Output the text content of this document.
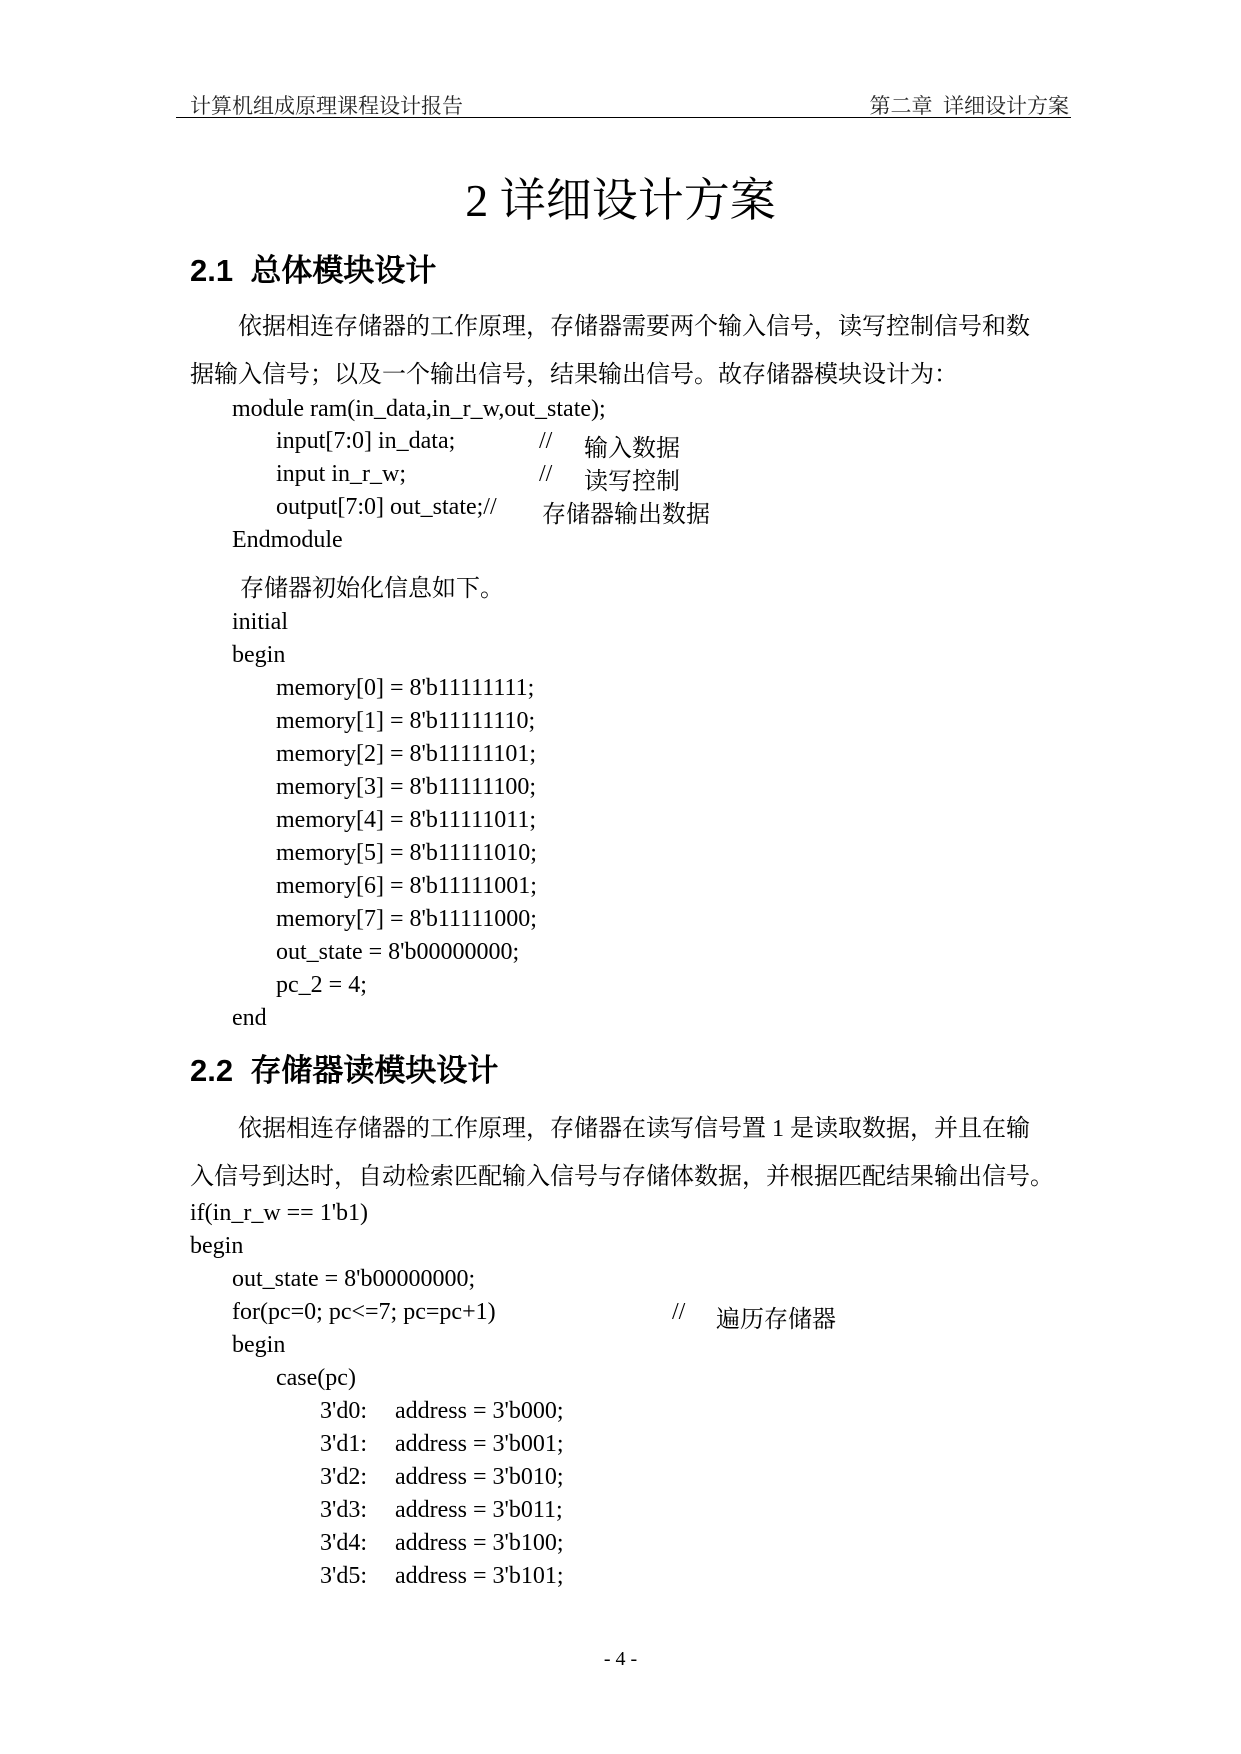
计算机组成原理课程设计报告	第二章  详细设计方案
2 详细设计方案
2.1  总体模块设计
依据相连存储器的工作原理，存储器需要两个输入信号，读写控制信号和数
据输入信号；以及一个输出信号，结果输出信号。故存储器模块设计为：
module ram(in_data,in_r_w,out_state);
input[7:0] in_data;	// 输入数据
input in_r_w;	// 读写控制
output[7:0] out_state;// 存储器输出数据
Endmodule
存储器初始化信息如下。
initial
begin
memory[0] = 8'b11111111;
memory[1] = 8'b11111110;
memory[2] = 8'b11111101;
memory[3] = 8'b11111100;
memory[4] = 8'b11111011;
memory[5] = 8'b11111010;
memory[6] = 8'b11111001;
memory[7] = 8'b11111000;
out_state = 8'b00000000;
pc_2 = 4;
end
2.2  存储器读模块设计
依据相连存储器的工作原理，存储器在读写信号置 1 是读取数据，并且在输
入信号到达时，自动检索匹配输入信号与存储体数据，并根据匹配结果输出信号。
if(in_r_w == 1'b1)
begin
out_state = 8'b00000000;
for(pc=0; pc<=7; pc=pc+1)	// 遍历存储器
begin
case(pc)
3'd0: address = 3'b000;
3'd1: address = 3'b001;
3'd2: address = 3'b010;
3'd3: address = 3'b011;
3'd4: address = 3'b100;
3'd5: address = 3'b101;
- 4 -
